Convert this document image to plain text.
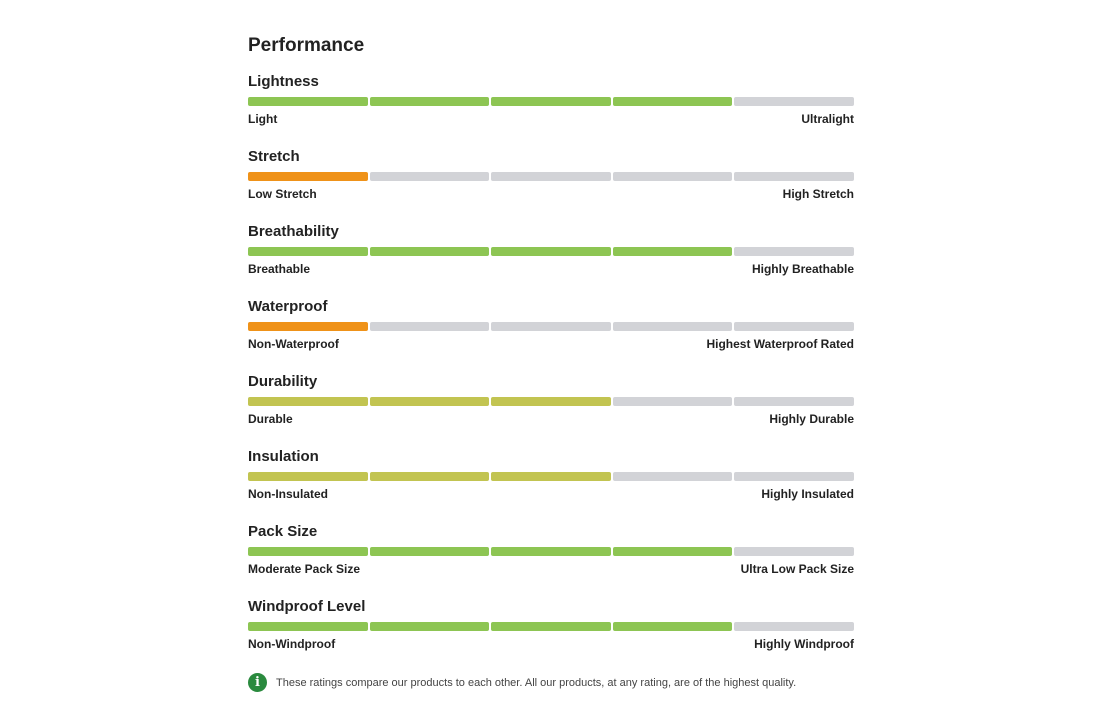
Performance
Lightness
Light	Ultralight
Stretch
Low Stretch	High Stretch
Breathability
Breathable	Highly Breathable
Waterproof
Non-Waterproof	Highest Waterproof Rated
Durability
Durable	Highly Durable
Insulation
Non-Insulated	Highly Insulated
Pack Size
Moderate Pack Size	Ultra Low Pack Size
Windproof Level
Non-Windproof	Highly Windproof
i	These ratings compare our products to each other. All our products, at any rating, are of the highest quality.
